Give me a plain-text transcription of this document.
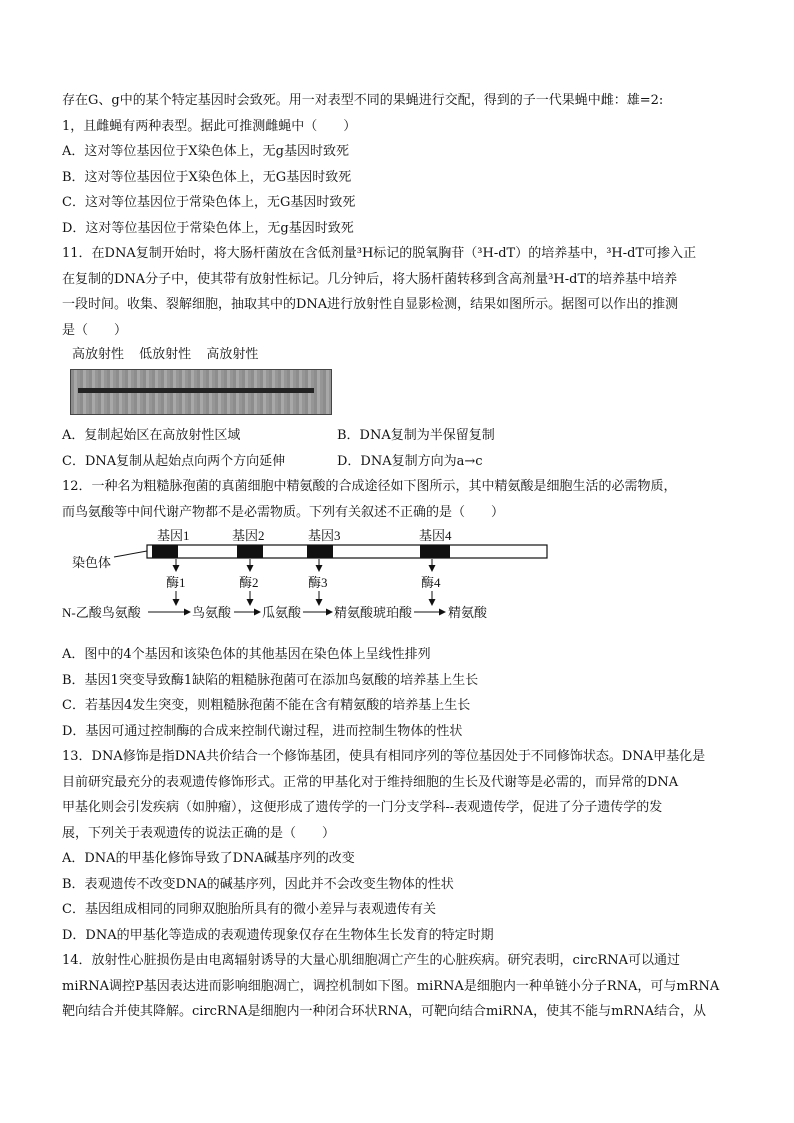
存在G、g中的某个特定基因时会致死。用一对表型不同的果蝇进行交配，得到的子一代果蝇中雌：雄=2:
1，且雌蝇有两种表型。据此可推测雌蝇中（　　）
A．这对等位基因位于X染色体上，无g基因时致死
B．这对等位基因位于X染色体上，无G基因时致死
C．这对等位基因位于常染色体上，无G基因时致死
D．这对等位基因位于常染色体上，无g基因时致死
11．在DNA复制开始时，将大肠杆菌放在含低剂量³H标记的脱氧胸苷（³H-dT）的培养基中，³H-dT可掺入正
在复制的DNA分子中，使其带有放射性标记。几分钟后，将大肠杆菌转移到含高剂量³H-dT的培养基中培养
一段时间。收集、裂解细胞，抽取其中的DNA进行放射性自显影检测，结果如图所示。据图可以作出的推测
是（　　）
高放射性 低放射性 高放射性
A．复制起始区在高放射性区域	B．DNA复制为半保留复制
C．DNA复制从起始点向两个方向延伸	D．DNA复制方向为a→c
12．一种名为粗糙脉孢菌的真菌细胞中精氨酸的合成途径如下图所示，其中精氨酸是细胞生活的必需物质，
而鸟氨酸等中间代谢产物都不是必需物质。下列有关叙述不正确的是（　　）
染色体
基因1	基因2	基因3	基因4
酶1	酶2	酶3	酶4
N-乙酸鸟氨酸	鸟氨酸 瓜氨酸	精氨酸琥珀酸	精氨酸
A．图中的4个基因和该染色体的其他基因在染色体上呈线性排列
B．基因1突变导致酶1缺陷的粗糙脉孢菌可在添加鸟氨酸的培养基上生长
C．若基因4发生突变，则粗糙脉孢菌不能在含有精氨酸的培养基上生长
D．基因可通过控制酶的合成来控制代谢过程，进而控制生物体的性状
13．DNA修饰是指DNA共价结合一个修饰基团，使具有相同序列的等位基因处于不同修饰状态。DNA甲基化是
目前研究最充分的表观遗传修饰形式。正常的甲基化对于维持细胞的生长及代谢等是必需的，而异常的DNA
甲基化则会引发疾病（如肿瘤），这便形成了遗传学的一门分支学科--表观遗传学，促进了分子遗传学的发
展，下列关于表观遗传的说法正确的是（　　）
A．DNA的甲基化修饰导致了DNA碱基序列的改变
B．表观遗传不改变DNA的碱基序列，因此并不会改变生物体的性状
C．基因组成相同的同卵双胞胎所具有的微小差异与表观遗传有关
D．DNA的甲基化等造成的表观遗传现象仅存在生物体生长发育的特定时期
14．放射性心脏损伤是由电离辐射诱导的大量心肌细胞凋亡产生的心脏疾病。研究表明，circRNA可以通过
miRNA调控P基因表达进而影响细胞凋亡，调控机制如下图。miRNA是细胞内一种单链小分子RNA，可与mRNA
靶向结合并使其降解。circRNA是细胞内一种闭合环状RNA，可靶向结合miRNA，使其不能与mRNA结合，从
